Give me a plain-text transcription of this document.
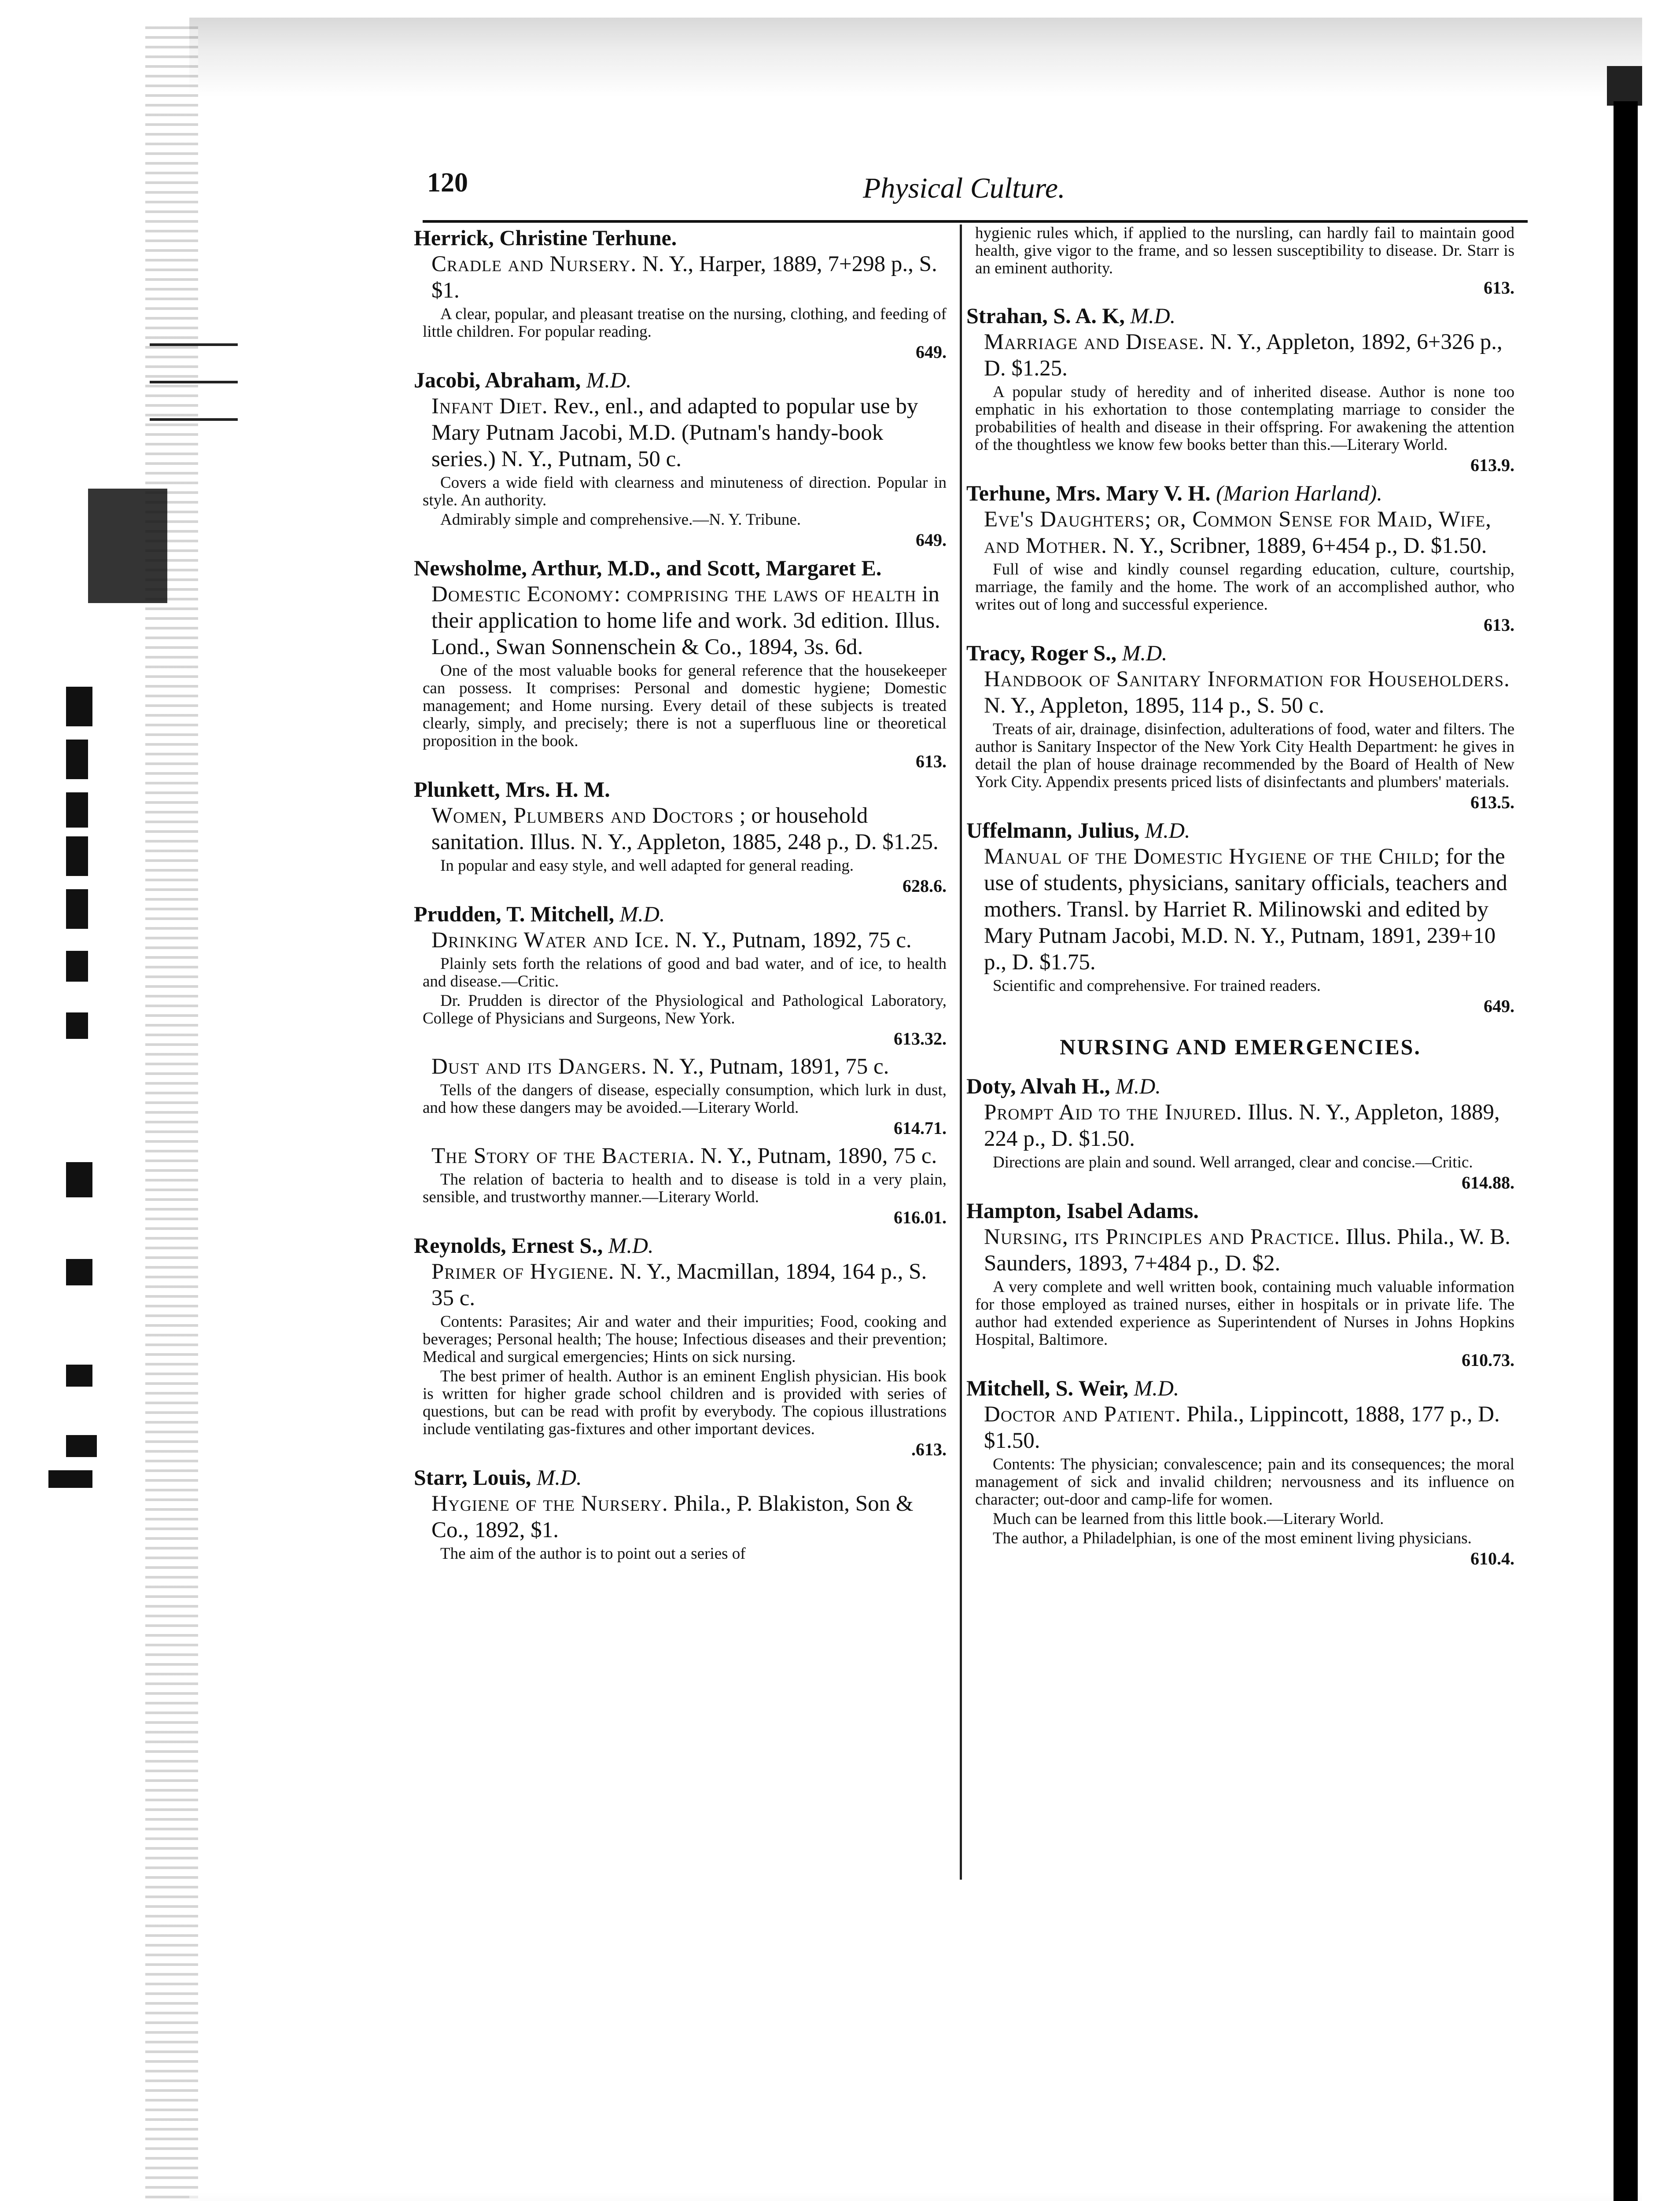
120	Physical Culture.

Herrick, Christine Terhune.

Cradle and Nursery. N. Y., Harper, 1889, 7+298 p., S. $1.

A clear, popular, and pleasant treatise on the nursing, clothing, and feeding of little children. For popular reading.

649.

Jacobi, Abraham, M.D.

Infant Diet. Rev., enl., and adapted to popular use by Mary Putnam Jacobi, M.D. (Putnam's handy-book series.) N. Y., Putnam, 50 c.

Covers a wide field with clearness and minuteness of direction. Popular in style. An authority.

Admirably simple and comprehensive.—N. Y. Tribune.

649.

Newsholme, Arthur, M.D., and Scott, Margaret E.

Domestic Economy: comprising the laws of health in their application to home life and work. 3d edition. Illus. Lond., Swan Sonnenschein & Co., 1894, 3s. 6d.

One of the most valuable books for general reference that the housekeeper can possess. It comprises: Personal and domestic hygiene; Domestic management; and Home nursing. Every detail of these subjects is treated clearly, simply, and precisely; there is not a superfluous line or theoretical proposition in the book.

613.

Plunkett, Mrs. H. M.

Women, Plumbers and Doctors ; or household sanitation. Illus. N. Y., Appleton, 1885, 248 p., D. $1.25.

In popular and easy style, and well adapted for general reading.

628.6.

Prudden, T. Mitchell, M.D.

Drinking Water and Ice. N. Y., Putnam, 1892, 75 c.

Plainly sets forth the relations of good and bad water, and of ice, to health and disease.—Critic.

Dr. Prudden is director of the Physiological and Pathological Laboratory, College of Physicians and Surgeons, New York.

613.32.

Dust and its Dangers. N. Y., Putnam, 1891, 75 c.

Tells of the dangers of disease, especially consumption, which lurk in dust, and how these dangers may be avoided.—Literary World.

614.71.

The Story of the Bacteria. N. Y., Putnam, 1890, 75 c.

The relation of bacteria to health and to disease is told in a very plain, sensible, and trustworthy manner.—Literary World.

616.01.

Reynolds, Ernest S., M.D.

Primer of Hygiene. N. Y., Macmillan, 1894, 164 p., S. 35 c.

Contents: Parasites; Air and water and their impurities; Food, cooking and beverages; Personal health; The house; Infectious diseases and their prevention; Medical and surgical emergencies; Hints on sick nursing.

The best primer of health. Author is an eminent English physician. His book is written for higher grade school children and is provided with series of questions, but can be read with profit by everybody. The copious illustrations include ventilating gas-fixtures and other important devices.

.613.

Starr, Louis, M.D.

Hygiene of the Nursery. Phila., P. Blakiston, Son & Co., 1892, $1.

The aim of the author is to point out a series of

hygienic rules which, if applied to the nursling, can hardly fail to maintain good health, give vigor to the frame, and so lessen susceptibility to disease. Dr. Starr is an eminent authority.

613.

Strahan, S. A. K, M.D.

Marriage and Disease. N. Y., Appleton, 1892, 6+326 p., D. $1.25.

A popular study of heredity and of inherited disease. Author is none too emphatic in his exhortation to those contemplating marriage to consider the probabilities of health and disease in their offspring. For awakening the attention of the thoughtless we know few books better than this.—Literary World.

613.9.

Terhune, Mrs. Mary V. H. (Marion Harland).

Eve's Daughters; or, Common Sense for Maid, Wife, and Mother. N. Y., Scribner, 1889, 6+454 p., D. $1.50.

Full of wise and kindly counsel regarding education, culture, courtship, marriage, the family and the home. The work of an accomplished author, who writes out of long and successful experience.

613.

Tracy, Roger S., M.D.

Handbook of Sanitary Information for Householders. N. Y., Appleton, 1895, 114 p., S. 50 c.

Treats of air, drainage, disinfection, adulterations of food, water and filters. The author is Sanitary Inspector of the New York City Health Department: he gives in detail the plan of house drainage recommended by the Board of Health of New York City. Appendix presents priced lists of disinfectants and plumbers' materials.

613.5.

Uffelmann, Julius, M.D.

Manual of the Domestic Hygiene of the Child; for the use of students, physicians, sanitary officials, teachers and mothers. Transl. by Harriet R. Milinowski and edited by Mary Putnam Jacobi, M.D. N. Y., Putnam, 1891, 239+10 p., D. $1.75.

Scientific and comprehensive. For trained readers.

649.
NURSING AND EMERGENCIES.

Doty, Alvah H., M.D.

Prompt Aid to the Injured. Illus. N. Y., Appleton, 1889, 224 p., D. $1.50.

Directions are plain and sound. Well arranged, clear and concise.—Critic.

614.88.

Hampton, Isabel Adams.

Nursing, its Principles and Practice. Illus. Phila., W. B. Saunders, 1893, 7+484 p., D. $2.

A very complete and well written book, containing much valuable information for those employed as trained nurses, either in hospitals or in private life. The author had extended experience as Superintendent of Nurses in Johns Hopkins Hospital, Baltimore.

610.73.

Mitchell, S. Weir, M.D.

Doctor and Patient. Phila., Lippincott, 1888, 177 p., D. $1.50.

Contents: The physician; convalescence; pain and its consequences; the moral management of sick and invalid children; nervousness and its influence on character; out-door and camp-life for women.

Much can be learned from this little book.—Literary World.

The author, a Philadelphian, is one of the most eminent living physicians.

610.4.
